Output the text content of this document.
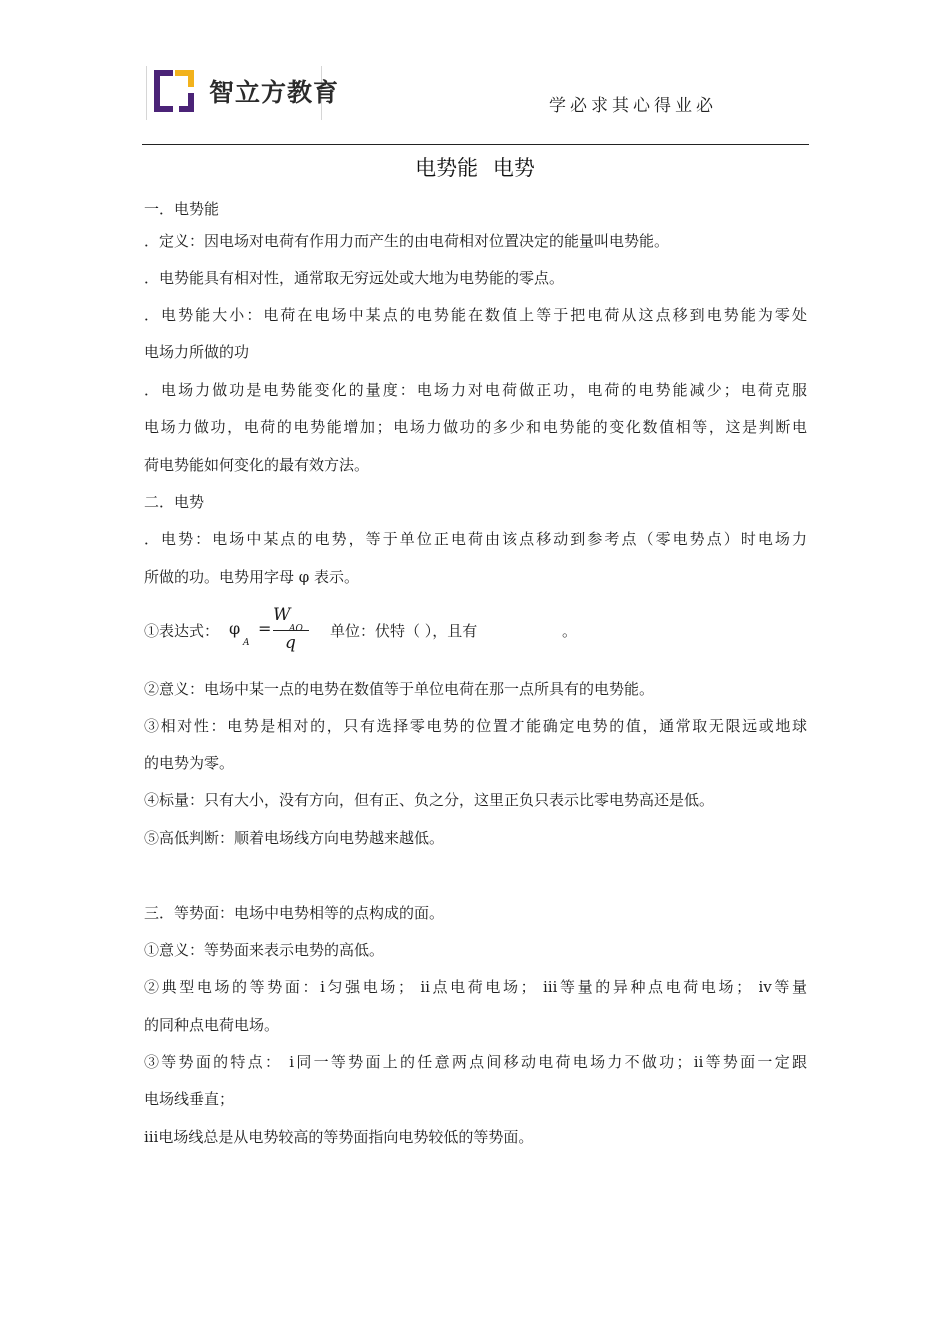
智立方教育	学必求其心得业必
电势能 电势
一．电势能
．定义：因电场对电荷有作用力而产生的由电荷相对位置决定的能量叫电势能。
．电势能具有相对性，通常取无穷远处或大地为电势能的零点。
．电势能大小：电荷在电场中某点的电势能在数值上等于把电荷从这点移到电势能为零处
电场力所做的功
．电场力做功是电势能变化的量度：电场力对电荷做正功，电荷的电势能减少；电荷克服
电场力做功，电荷的电势能增加；电场力做功的多少和电势能的变化数值相等，这是判断电
荷电势能如何变化的最有效方法。
二．电势
．电势：电场中某点的电势，等于单位正电荷由该点移动到参考点（零电势点）时电场力
所做的功。电势用字母 φ 表示。
①表达式： φ
A
=
W
AO
q
单位：伏特（ ），且有	。
②意义：电场中某一点的电势在数值等于单位电荷在那一点所具有的电势能。
③相对性：电势是相对的，只有选择零电势的位置才能确定电势的值，通常取无限远或地球
的电势为零。
④标量：只有大小，没有方向，但有正、负之分，这里正负只表示比零电势高还是低。
⑤高低判断：顺着电场线方向电势越来越低。
三．等势面：电场中电势相等的点构成的面。
①意义：等势面来表示电势的高低。
②典型电场的等势面：ⅰ匀强电场； ⅱ点电荷电场； ⅲ等量的异种点电荷电场； ⅳ等量
的同种点电荷电场。
③等势面的特点： ⅰ同一等势面上的任意两点间移动电荷电场力不做功；ⅱ等势面一定跟
电场线垂直；
ⅲ电场线总是从电势较高的等势面指向电势较低的等势面。
